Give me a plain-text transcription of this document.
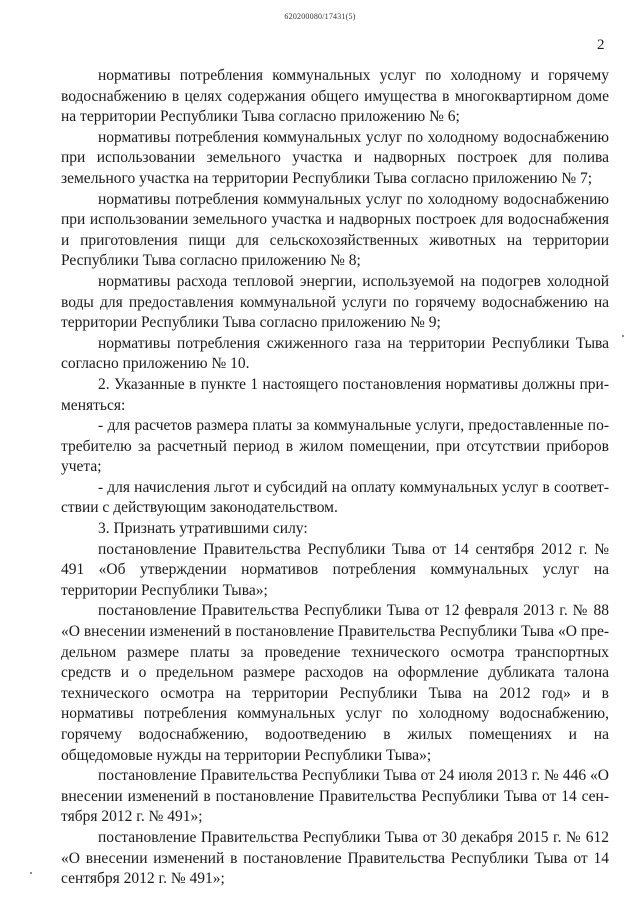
620200080/17431(5)
2

нормативы потребления коммунальных услуг по холодному и горячему водоснабжению в целях содержания общего имущества в многоквартирном доме на территории Республики Тыва согласно приложению № 6;

нормативы потребления коммунальных услуг по холодному водоснабжению при использовании земельного участка и надворных построек для полива земельного участка на территории Республики Тыва согласно приложению № 7;

нормативы потребления коммунальных услуг по холодному водоснабжению при использовании земельного участка и надворных построек для водоснабжения и приготовления пищи для сельскохозяйственных животных на территории Республики Тыва согласно приложению № 8;

нормативы расхода тепловой энергии, используемой на подогрев холодной воды для предоставления коммунальной услуги по горячему водоснабжению на территории Республики Тыва согласно приложению № 9;

нормативы потребления сжиженного газа на территории Республики Тыва согласно приложению № 10.

2. Указанные в пункте 1 настоящего постановления нормативы должны применяться:

- для расчетов размера платы за коммунальные услуги, предоставленные потребителю за расчетный период в жилом помещении, при отсутствии приборов учета;

- для начисления льгот и субсидий на оплату коммунальных услуг в соответствии с действующим законодательством.

3. Признать утратившими силу:

постановление Правительства Республики Тыва от 14 сентября 2012 г. № 491 «Об утверждении нормативов потребления коммунальных услуг на территории Республики Тыва»;

постановление Правительства Республики Тыва от 12 февраля 2013 г. № 88 «О внесении изменений в постановление Правительства Республики Тыва «О предельном размере платы за проведение технического осмотра транспортных средств и о предельном размере расходов на оформление дубликата талона технического осмотра на территории Республики Тыва на 2012 год» и в нормативы потребления коммунальных услуг по холодному водоснабжению, горячему водоснабжению, водоотведению в жилых помещениях и на общедомовые нужды на территории Республики Тыва»;

постановление Правительства Республики Тыва от 24 июля 2013 г. № 446 «О внесении изменений в постановление Правительства Республики Тыва от 14 сентября 2012 г. № 491»;

постановление Правительства Республики Тыва от 30 декабря 2015 г. № 612 «О внесении изменений в постановление Правительства Республики Тыва от 14 сентября 2012 г. № 491»;
